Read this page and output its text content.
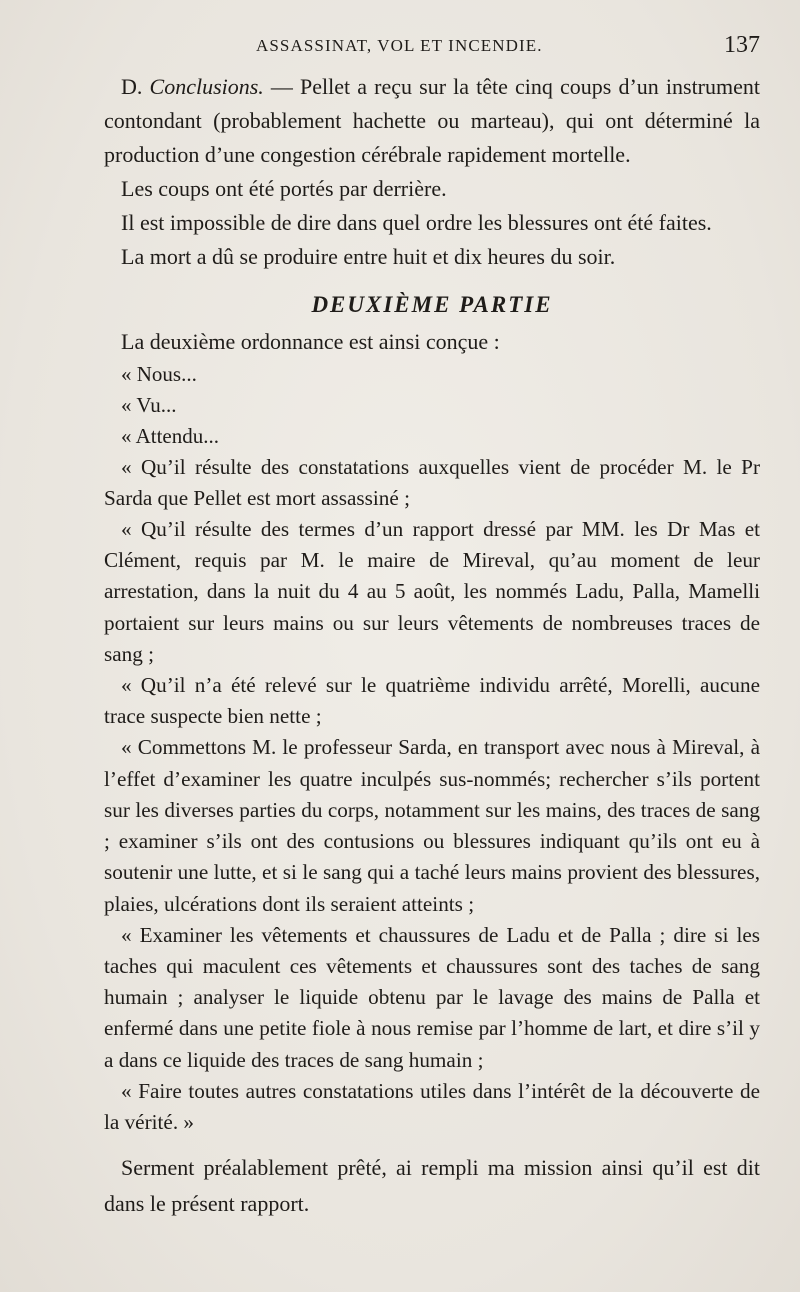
ASSASSINAT, VOL ET INCENDIE.	137

D. Conclusions. — Pellet a reçu sur la tête cinq coups d’un instrument contondant (probablement hachette ou marteau), qui ont déterminé la production d’une congestion cérébrale rapidement mortelle.

Les coups ont été portés par derrière.

Il est impossible de dire dans quel ordre les blessures ont été faites.

La mort a dû se produire entre huit et dix heures du soir.

DEUXIÈME PARTIE

La deuxième ordonnance est ainsi conçue :

« Nous...

« Vu...

« Attendu...

« Qu’il résulte des constatations auxquelles vient de procéder M. le Pr Sarda que Pellet est mort assassiné ;

« Qu’il résulte des termes d’un rapport dressé par MM. les Dr Mas et Clément, requis par M. le maire de Mireval, qu’au moment de leur arrestation, dans la nuit du 4 au 5 août, les nommés Ladu, Palla, Mamelli portaient sur leurs mains ou sur leurs vêtements de nombreuses traces de sang ;

« Qu’il n’a été relevé sur le quatrième individu arrêté, Morelli, aucune trace suspecte bien nette ;

« Commettons M. le professeur Sarda, en transport avec nous à Mireval, à l’effet d’examiner les quatre inculpés sus-nommés; rechercher s’ils portent sur les diverses parties du corps, notamment sur les mains, des traces de sang ; examiner s’ils ont des contusions ou blessures indiquant qu’ils ont eu à soutenir une lutte, et si le sang qui a taché leurs mains provient des blessures, plaies, ulcérations dont ils seraient atteints ;

« Examiner les vêtements et chaussures de Ladu et de Palla ; dire si les taches qui maculent ces vêtements et chaussures sont des taches de sang humain ; analyser le liquide obtenu par le lavage des mains de Palla et enfermé dans une petite fiole à nous remise par l’homme de lart, et dire s’il y a dans ce liquide des traces de sang humain ;

« Faire toutes autres constatations utiles dans l’intérêt de la découverte de la vérité. »

Serment préalablement prêté, ai rempli ma mission ainsi qu’il est dit dans le présent rapport.
